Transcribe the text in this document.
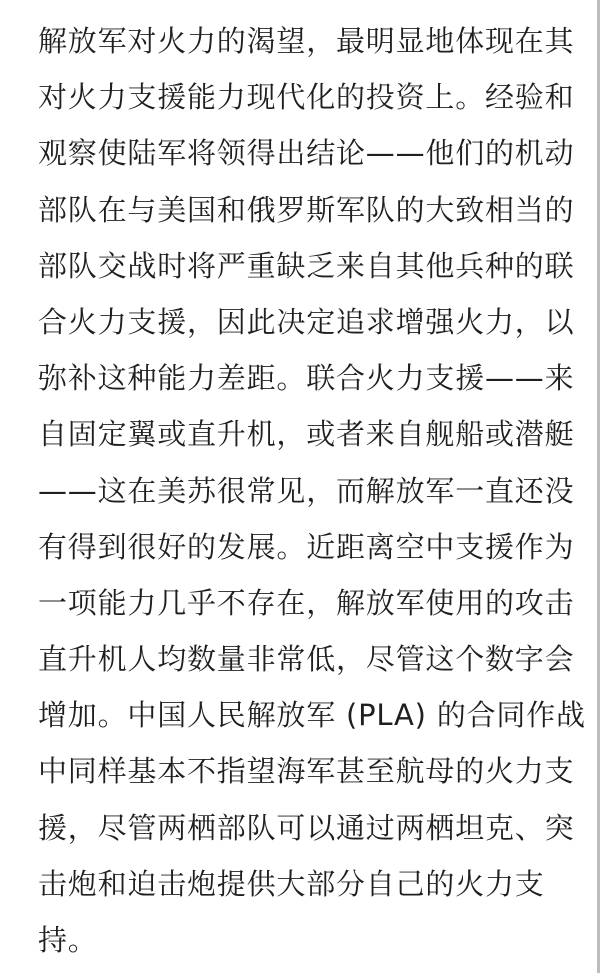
解放军对火力的渴望，最明显地体现在其
对火力支援能力现代化的投资上。经验和
观察使陆军将领得出结论——他们的机动
部队在与美国和俄罗斯军队的大致相当的
部队交战时将严重缺乏来自其他兵种的联
合火力支援，因此决定追求增强火力，以
弥补这种能力差距。联合火力支援——来
自固定翼或直升机，或者来自舰船或潜艇
——这在美苏很常见，而解放军一直还没
有得到很好的发展。近距离空中支援作为
一项能力几乎不存在，解放军使用的攻击
直升机人均数量非常低，尽管这个数字会
增加。中国人民解放军 (PLA) 的合同作战
中同样基本不指望海军甚至航母的火力支
援，尽管两栖部队可以通过两栖坦克、突
击炮和迫击炮提供大部分自己的火力支
持。
